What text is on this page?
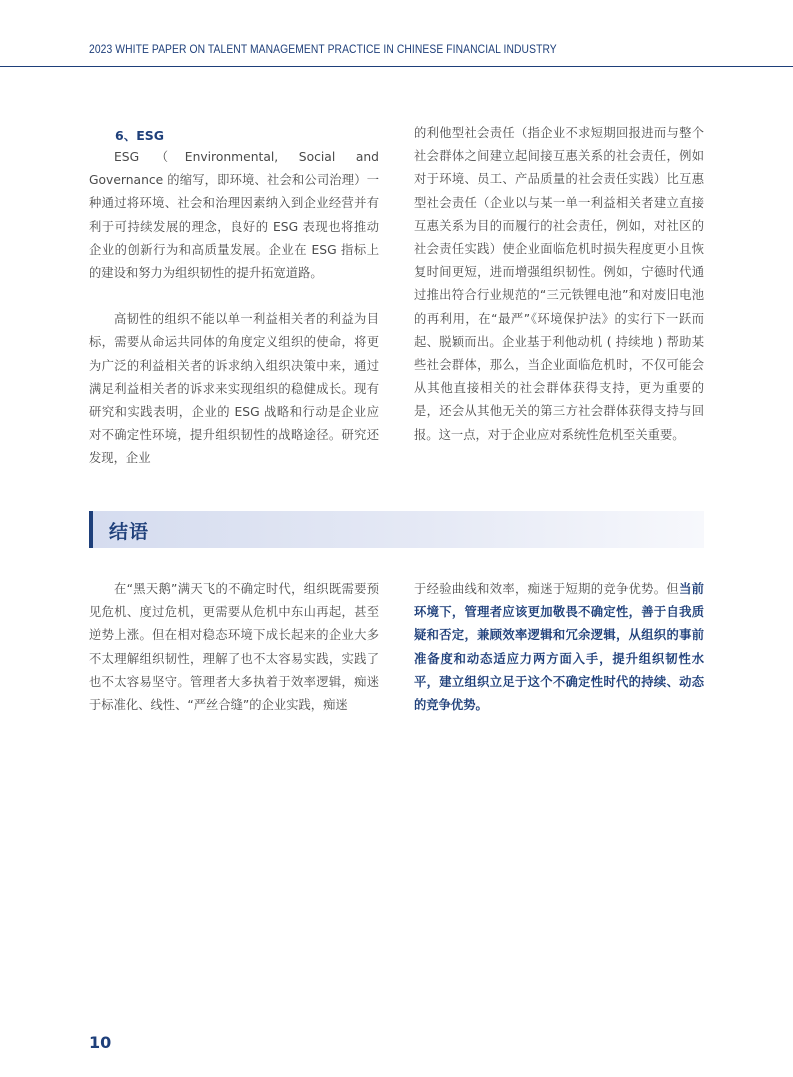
2023 WHITE PAPER ON TALENT MANAGEMENT PRACTICE IN CHINESE FINANCIAL INDUSTRY
6、ESG

ESG（Environmental, Social and Governance 的缩写，即环境、社会和公司治理）一种通过将环境、社会和治理因素纳入到企业经营并有利于可持续发展的理念，良好的 ESG 表现也将推动企业的创新行为和高质量发展。企业在 ESG 指标上的建设和努力为组织韧性的提升拓宽道路。

高韧性的组织不能以单一利益相关者的利益为目标，需要从命运共同体的角度定义组织的使命，将更为广泛的利益相关者的诉求纳入组织决策中来，通过满足利益相关者的诉求来实现组织的稳健成长。现有研究和实践表明，企业的 ESG 战略和行动是企业应对不确定性环境，提升组织韧性的战略途径。研究还发现，企业

的利他型社会责任（指企业不求短期回报进而与整个社会群体之间建立起间接互惠关系的社会责任，例如对于环境、员工、产品质量的社会责任实践）比互惠型社会责任（企业以与某一单一利益相关者建立直接互惠关系为目的而履行的社会责任，例如，对社区的社会责任实践）使企业面临危机时损失程度更小且恢复时间更短，进而增强组织韧性。例如，宁德时代通过推出符合行业规范的“三元铁锂电池”和对废旧电池的再利用，在“最严”《环境保护法》的实行下一跃而起、脱颖而出。企业基于利他动机 ( 持续地 ) 帮助某些社会群体，那么，当企业面临危机时，不仅可能会从其他直接相关的社会群体获得支持，更为重要的是，还会从其他无关的第三方社会群体获得支持与回报。这一点，对于企业应对系统性危机至关重要。

结语

在“黑天鹅”满天飞的不确定时代，组织既需要预见危机、度过危机，更需要从危机中东山再起，甚至逆势上涨。但在相对稳态环境下成长起来的企业大多不太理解组织韧性，理解了也不太容易实践，实践了也不太容易坚守。管理者大多执着于效率逻辑，痴迷于标准化、线性、“严丝合缝”的企业实践，痴迷

于经验曲线和效率，痴迷于短期的竞争优势。但当前环境下，管理者应该更加敬畏不确定性，善于自我质疑和否定，兼顾效率逻辑和冗余逻辑，从组织的事前准备度和动态适应力两方面入手，提升组织韧性水平，建立组织立足于这个不确定性时代的持续、动态的竞争优势。

10
